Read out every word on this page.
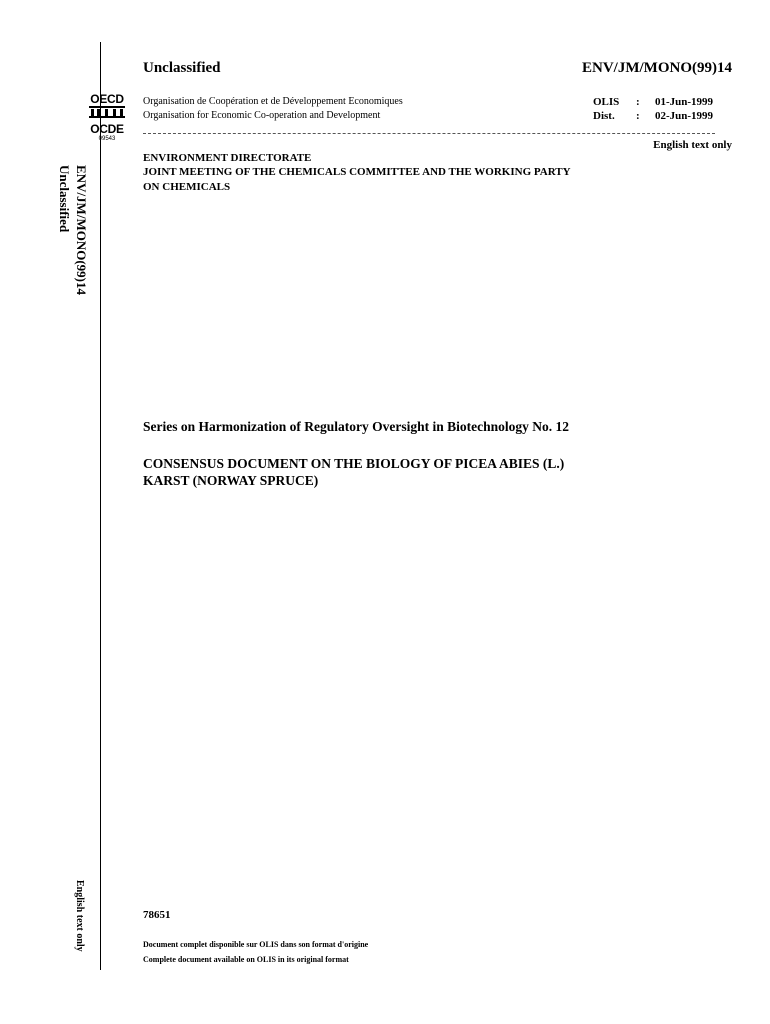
OECD
OCDE
09543
Unclassified	ENV/JM/MONO(99)14
Organisation de Coopération et de Développement Economiques
Organisation for Economic Co-operation and Development
OLIS : 01-Jun-1999
Dist. : 02-Jun-1999
English text only
ENVIRONMENT DIRECTORATE
JOINT MEETING OF THE CHEMICALS COMMITTEE AND THE WORKING PARTY
ON CHEMICALS
Series on Harmonization of Regulatory Oversight in Biotechnology No. 12
CONSENSUS DOCUMENT ON THE BIOLOGY OF PICEA ABIES (L.)
KARST (NORWAY SPRUCE)
78651
Document complet disponible sur OLIS dans son format d'origine
Complete document available on OLIS in its original format
ENV/JM/MONO(99)14
Unclassified
English text only
